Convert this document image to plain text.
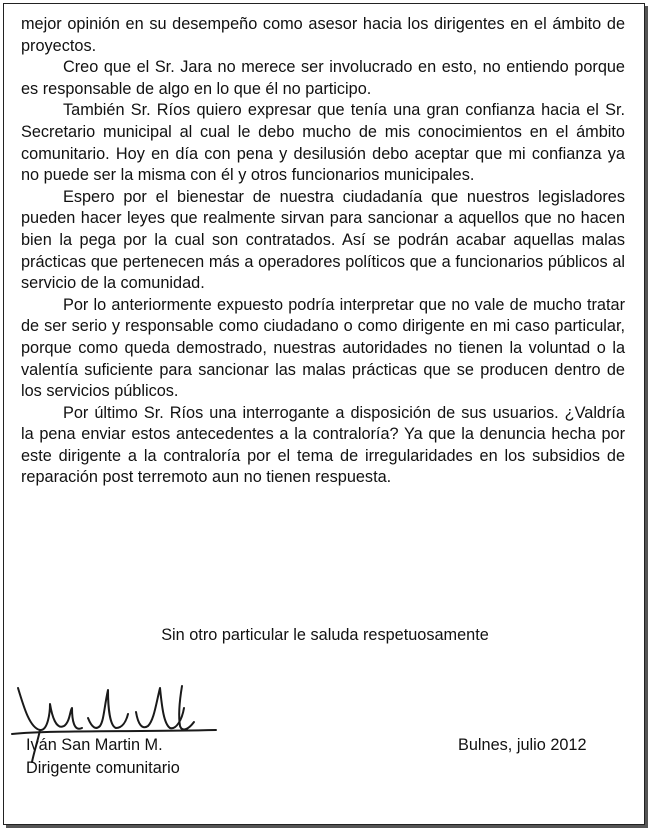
mejor opinión en su desempeño como asesor hacia los dirigentes en el ámbito de proyectos.

Creo que el Sr. Jara no merece ser involucrado en esto, no entiendo porque es responsable de algo en lo que él no participo.

También Sr. Ríos quiero expresar que tenía una gran confianza hacia el Sr. Secretario municipal al cual le debo mucho de mis conocimientos en el ámbito comunitario. Hoy en día con pena y desilusión debo aceptar que mi confianza ya no puede ser la misma con él y otros funcionarios municipales.

Espero por el bienestar de nuestra ciudadanía que nuestros legisladores pueden hacer leyes que realmente sirvan para sancionar a aquellos que no hacen bien la pega por la cual son contratados. Así se podrán acabar aquellas malas prácticas que pertenecen más a operadores políticos que a funcionarios públicos al servicio de la comunidad.

Por lo anteriormente expuesto podría interpretar que no vale de mucho tratar de ser serio y responsable como ciudadano o como dirigente en mi caso particular, porque como queda demostrado, nuestras autoridades no tienen la voluntad o la valentía suficiente para sancionar las malas prácticas que se producen dentro de los servicios públicos.

Por último Sr. Ríos una interrogante a disposición de sus usuarios. ¿Valdría la pena enviar estos antecedentes a la contraloría? Ya que la denuncia hecha por este dirigente a la contraloría por el tema de irregularidades en los subsidios de reparación post terremoto aun no tienen respuesta.

Sin otro particular le saluda respetuosamente
Iván San Martin M.
Dirigente comunitario
Bulnes, julio 2012
